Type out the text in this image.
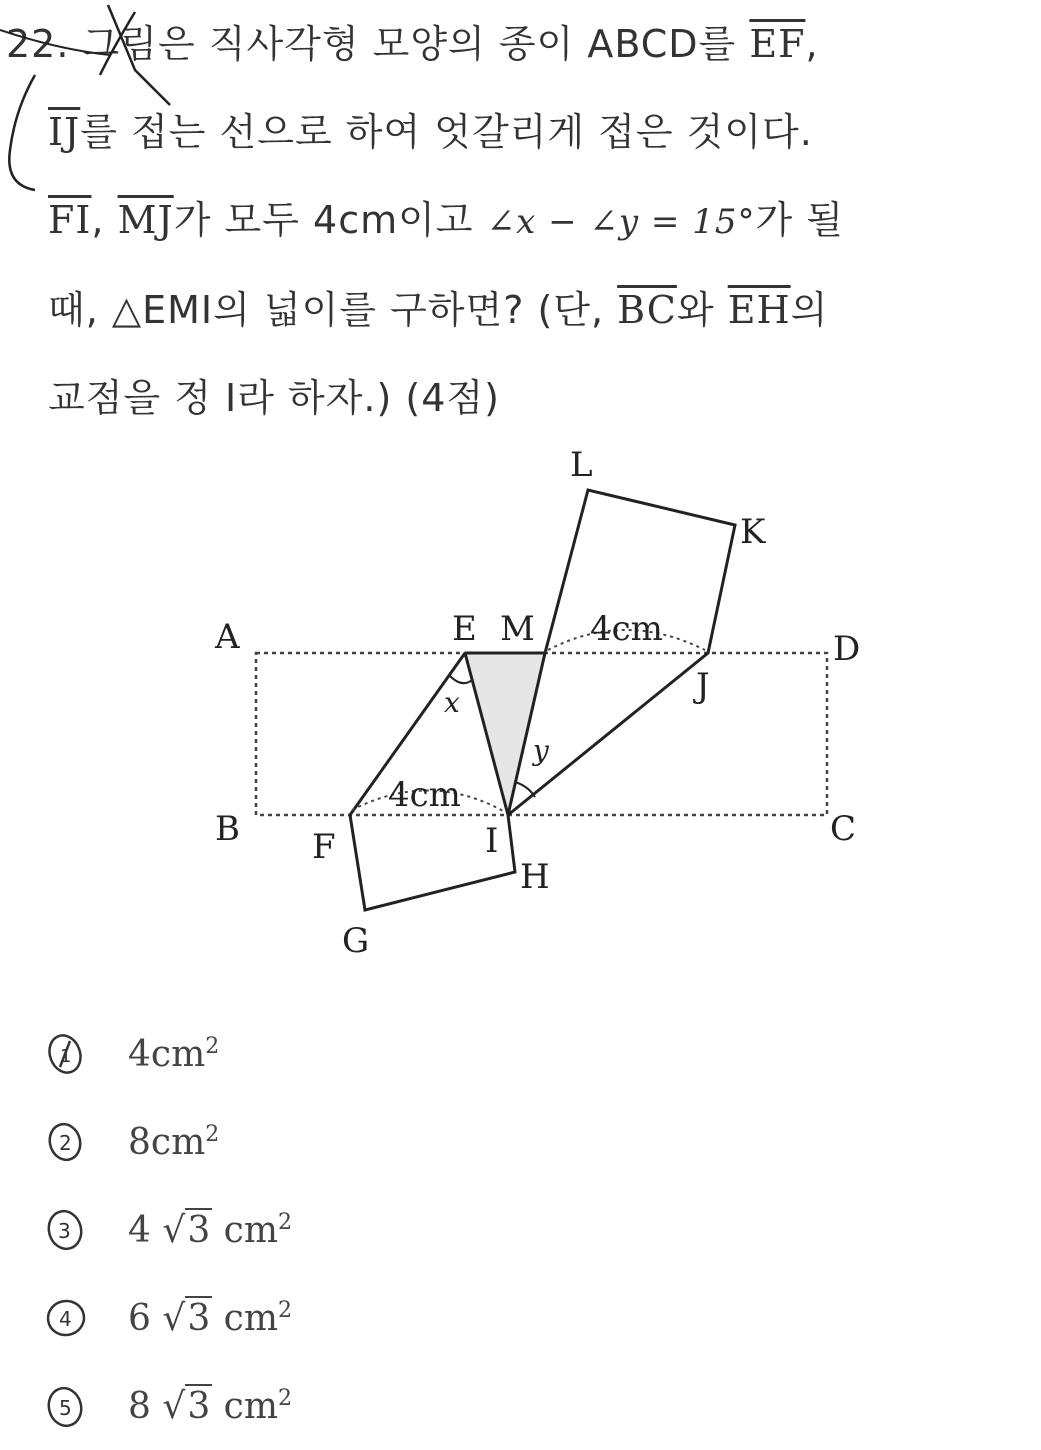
22. 그림은 직사각형 모양의 종이 ABCD를 $\overline{EF}$,
$\overline{IJ}$를 접는 선으로 하여 엇갈리게 접은 것이다.
$\overline{FI}$, $\overline{MJ}$가 모두 4cm이고 ∠x − ∠y = 15°가 될
때, △EMI의 넓이를 구하면? (단, $\overline{BC}$와 $\overline{EH}$의
교점을 정 I라 하자.) (4점)
A
B	C
D
E
F
G
H
I
J
K
L
M
x
y
4cm
4cm
1 $4cm^2$
2 $8cm^2$
3 4 √3 $cm^2$
4 6 √3 $cm^2$
5 8 √3 $cm^2$
